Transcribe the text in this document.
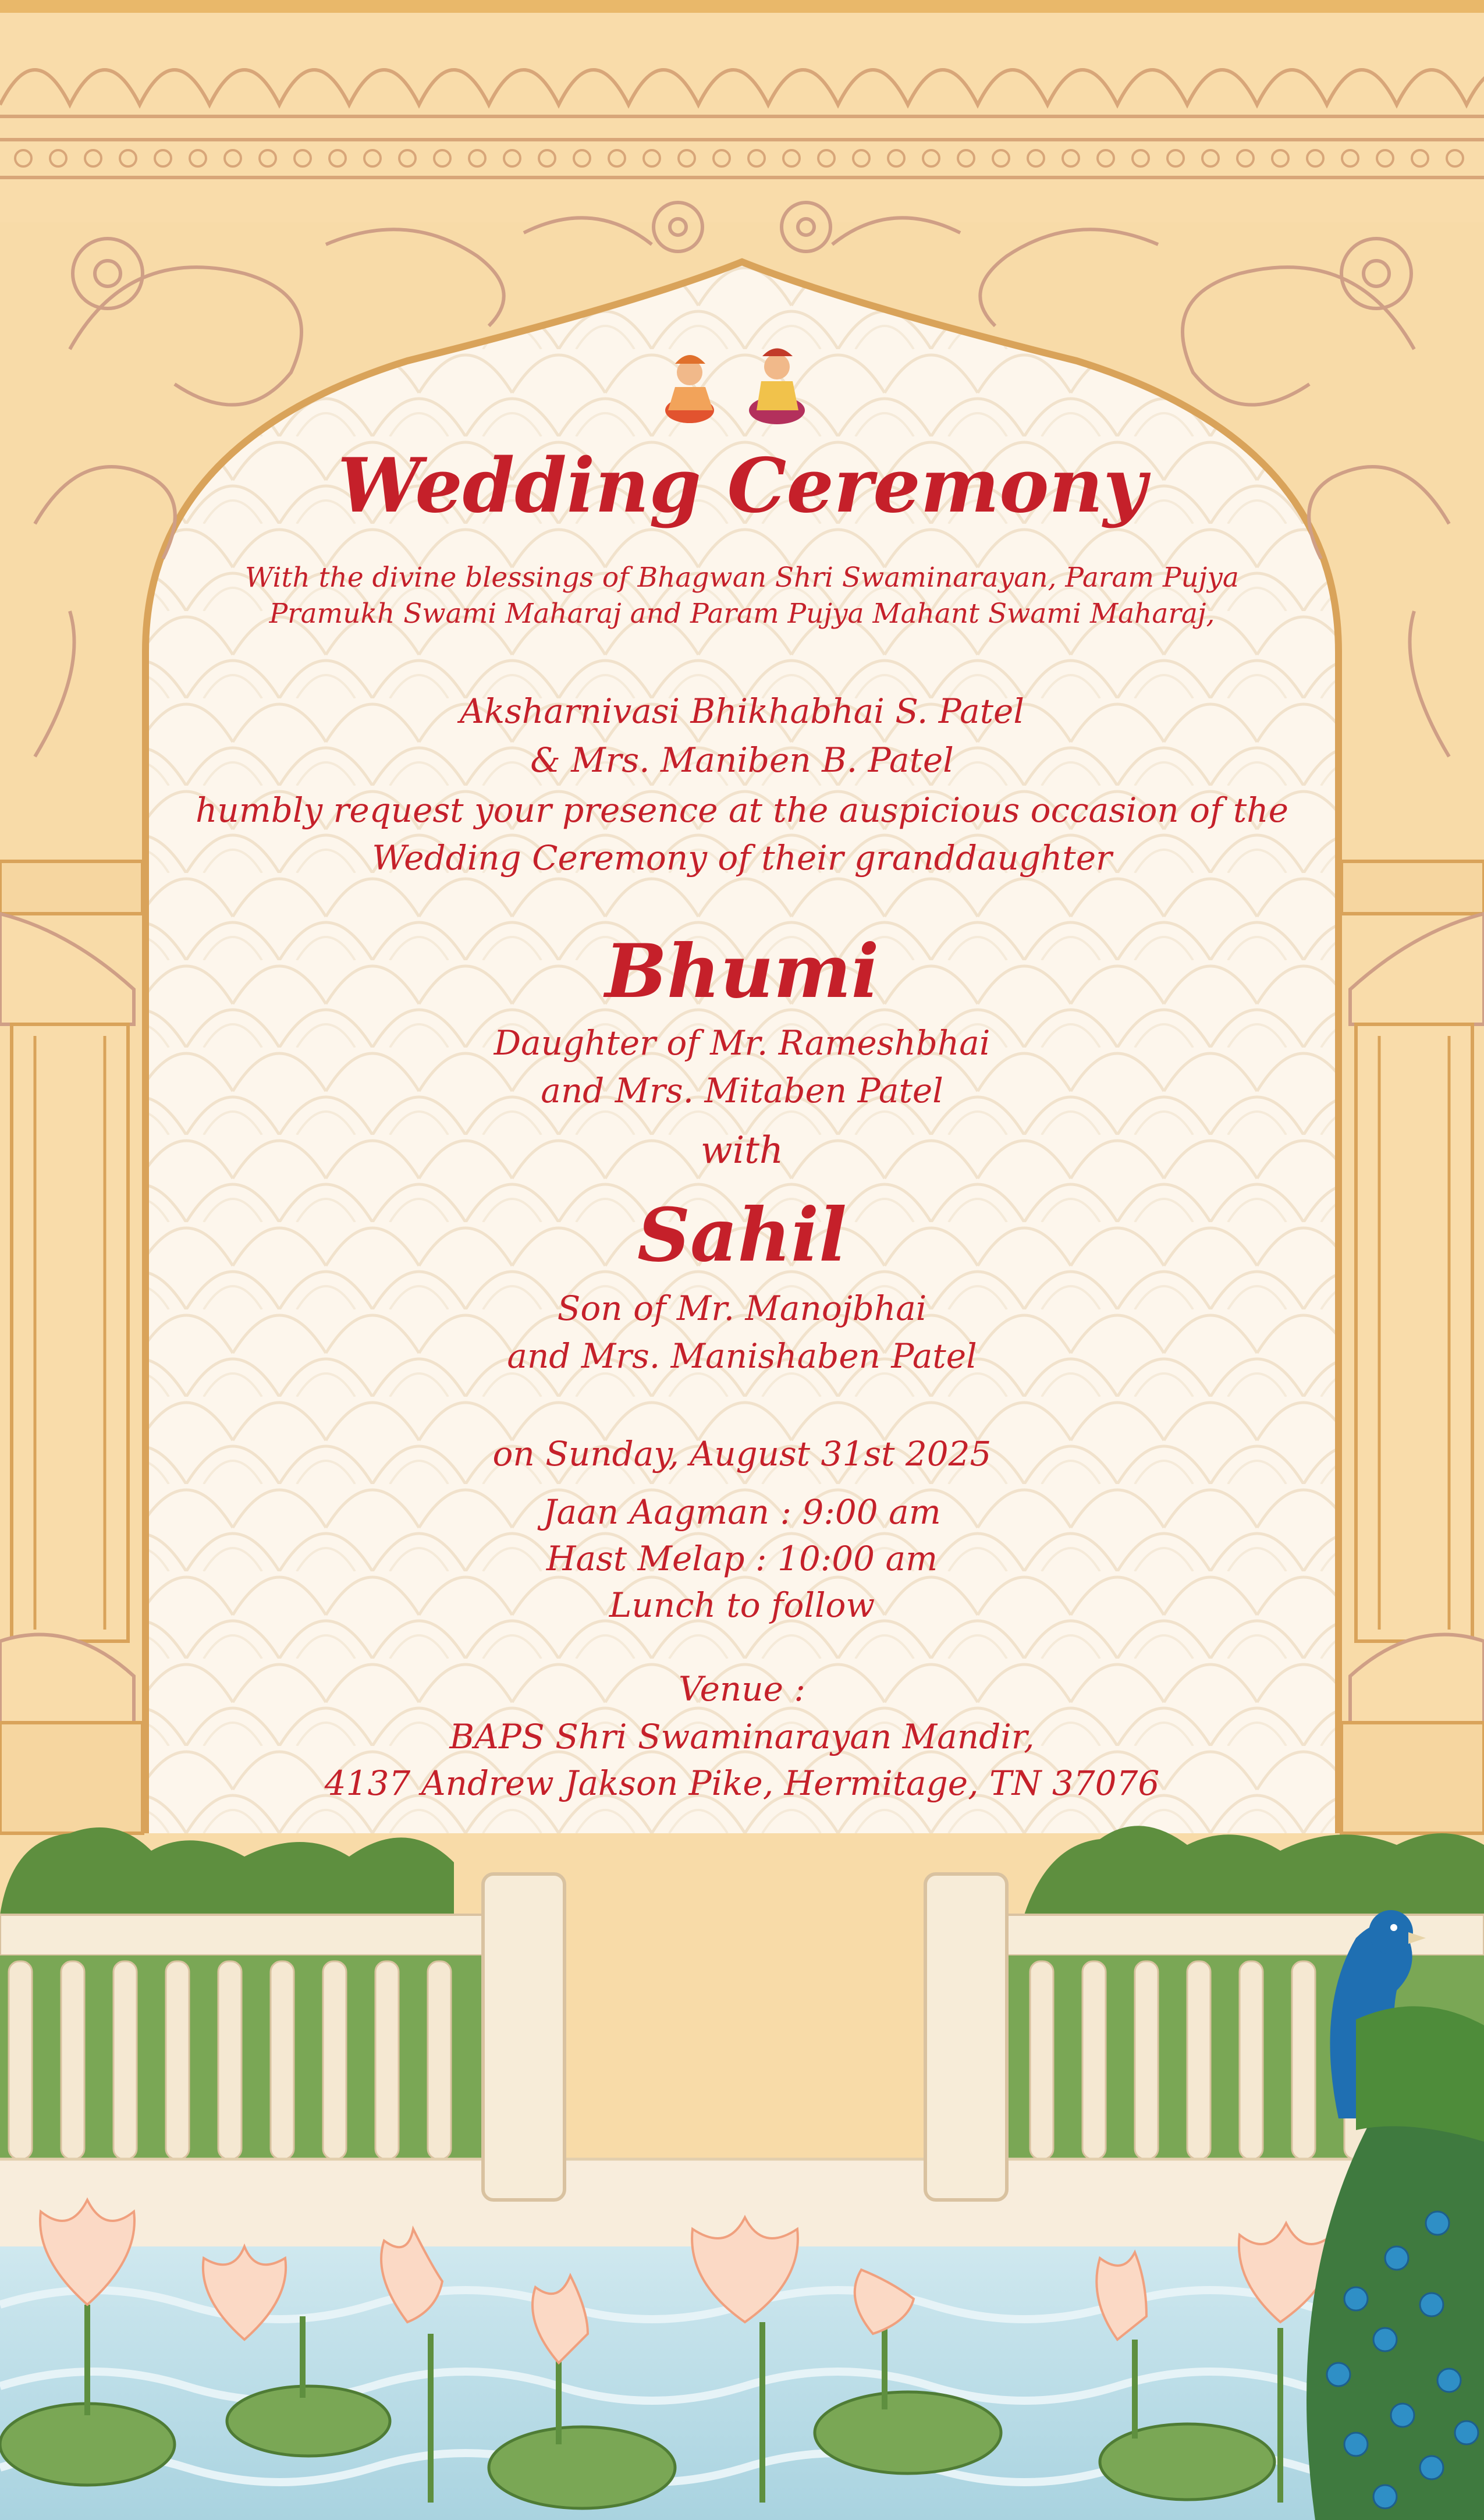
Wedding Ceremony
With the divine blessings of Bhagwan Shri Swaminarayan, Param Pujya
Pramukh Swami Maharaj and Param Pujya Mahant Swami Maharaj,
Aksharnivasi Bhikhabhai S. Patel
& Mrs. Maniben B. Patel
humbly request your presence at the auspicious occasion of the
Wedding Ceremony of their granddaughter
Bhumi
Daughter of Mr. Rameshbhai
and Mrs. Mitaben Patel
with
Sahil
Son of Mr. Manojbhai
and Mrs. Manishaben Patel
on Sunday, August 31st 2025
Jaan Aagman : 9:00 am
Hast Melap : 10:00 am
Lunch to follow
Venue :
BAPS Shri Swaminarayan Mandir,
4137 Andrew Jakson Pike, Hermitage, TN 37076
